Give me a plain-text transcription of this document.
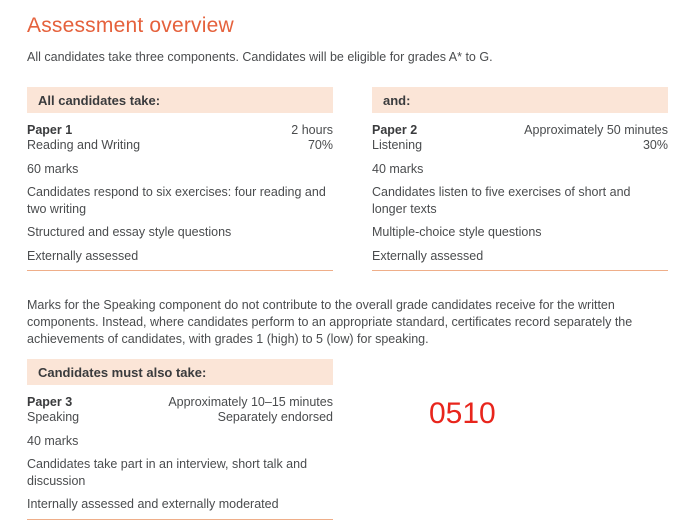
Assessment overview

All candidates take three components. Candidates will be eligible for grades A* to G.

All candidates take:
Paper 1	2 hours
Reading and Writing	70%
60 marks

Candidates respond to six exercises: four reading and two writing

Structured and essay style questions

Externally assessed

and:
Paper 2	Approximately 50 minutes
Listening	30%
40 marks

Candidates listen to five exercises of short and longer texts

Multiple-choice style questions

Externally assessed

Marks for the Speaking component do not contribute to the overall grade candidates receive for the written components. Instead, where candidates perform to an appropriate standard, certificates record separately the achievements of candidates, with grades 1 (high) to 5 (low) for speaking.

Candidates must also take:
Paper 3	Approximately 10–15 minutes
Speaking	Separately endorsed
40 marks

Candidates take part in an interview, short talk and discussion

Internally assessed and externally moderated

0510
